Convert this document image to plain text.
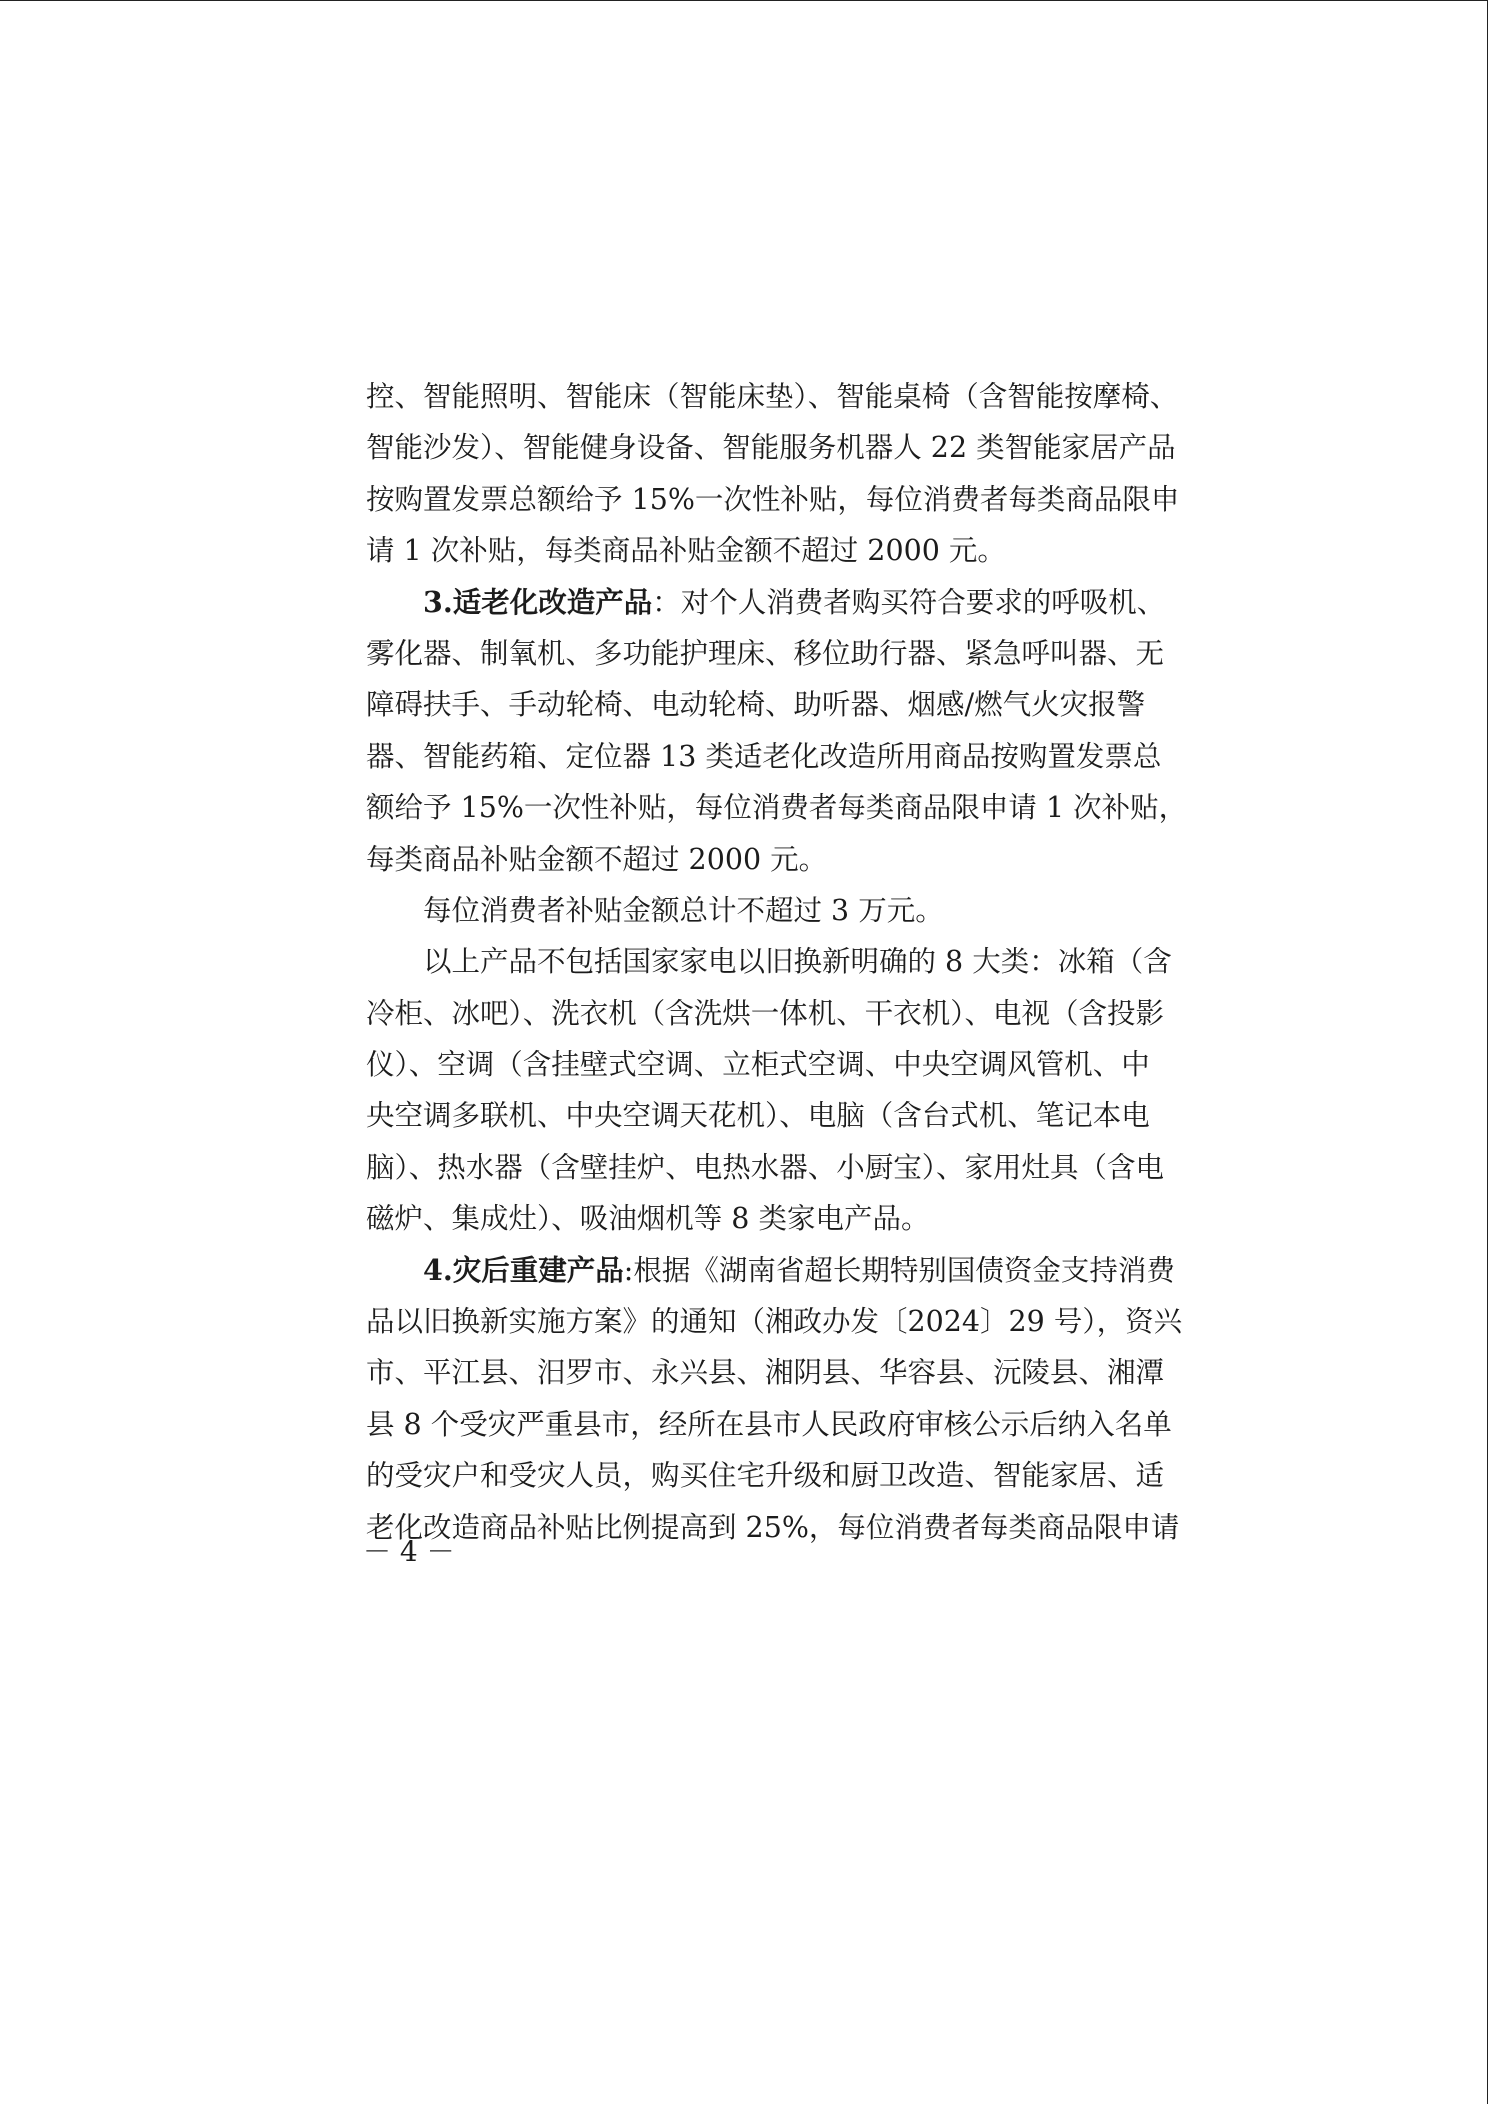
控、智能照明、智能床（智能床垫）、智能桌椅（含智能按摩椅、
智能沙发）、智能健身设备、智能服务机器人 22 类智能家居产品
按购置发票总额给予 15%一次性补贴，每位消费者每类商品限申
请 1 次补贴，每类商品补贴金额不超过 2000 元。
3.适老化改造产品：对个人消费者购买符合要求的呼吸机、
雾化器、制氧机、多功能护理床、移位助行器、紧急呼叫器、无
障碍扶手、手动轮椅、电动轮椅、助听器、烟感/燃气火灾报警
器、智能药箱、定位器 13 类适老化改造所用商品按购置发票总
额给予 15%一次性补贴，每位消费者每类商品限申请 1 次补贴，
每类商品补贴金额不超过 2000 元。
每位消费者补贴金额总计不超过 3 万元。
以上产品不包括国家家电以旧换新明确的 8 大类：冰箱（含
冷柜、冰吧）、洗衣机（含洗烘一体机、干衣机）、电视（含投影
仪）、空调（含挂壁式空调、立柜式空调、中央空调风管机、中
央空调多联机、中央空调天花机）、电脑（含台式机、笔记本电
脑）、热水器（含壁挂炉、电热水器、小厨宝）、家用灶具（含电
磁炉、集成灶）、吸油烟机等 8 类家电产品。
4.灾后重建产品:根据《湖南省超长期特别国债资金支持消费
品以旧换新实施方案》的通知（湘政办发〔2024〕29 号），资兴
市、平江县、汨罗市、永兴县、湘阴县、华容县、沅陵县、湘潭
县 8 个受灾严重县市，经所在县市人民政府审核公示后纳入名单
的受灾户和受灾人员，购买住宅升级和厨卫改造、智能家居、适
老化改造商品补贴比例提高到 25%，每位消费者每类商品限申请
－ 4 －
